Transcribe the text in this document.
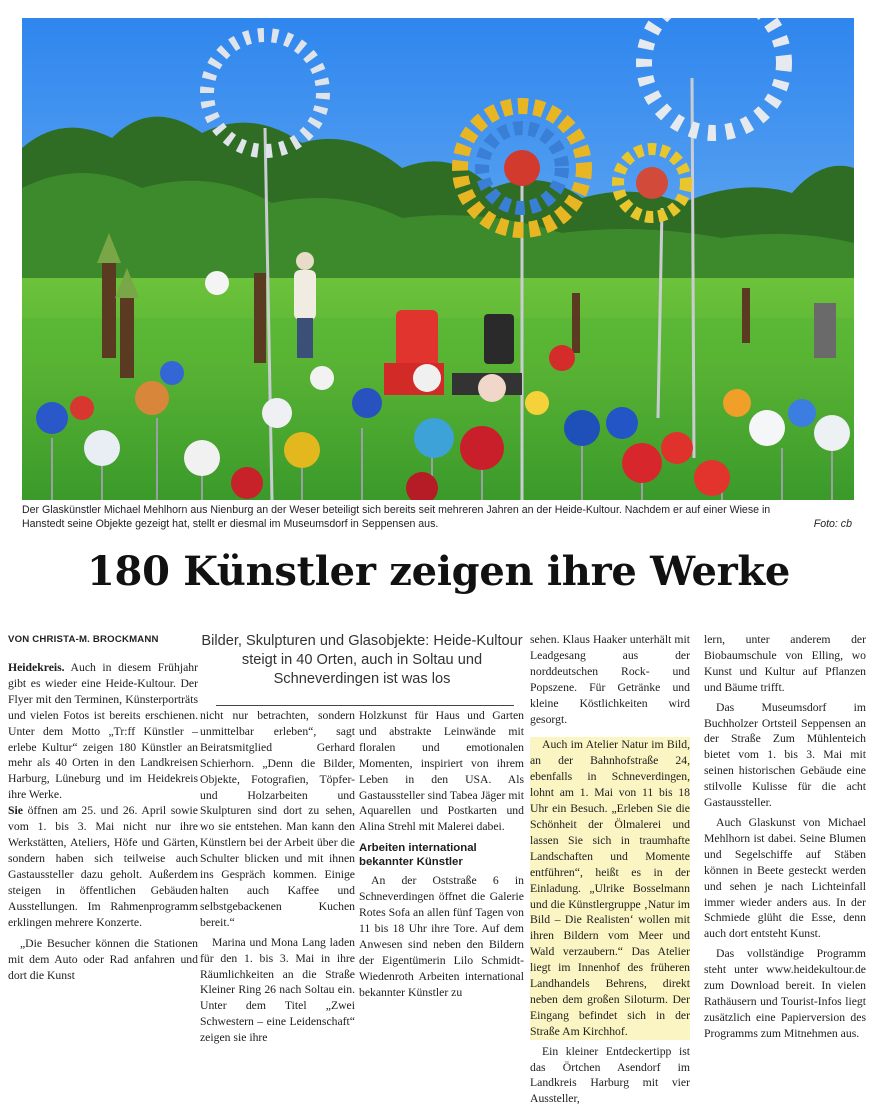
Der Glaskünstler Michael Mehlhorn aus Nienburg an der Weser beteiligt sich bereits seit mehreren Jahren an der Heide-Kultour. Nachdem er auf einer Wiese in Hanstedt seine Objekte gezeigt hat, stellt er diesmal im Museumsdorf in Seppensen aus.	Foto: cb
180 Künstler zeigen ihre Werke
VON CHRISTA-M. BROCKMANN	Bilder, Skulpturen und Glasobjekte: Heide-Kultour steigt in 40 Orten, auch in Soltau und Schneverdingen ist was los

Heidekreis. Auch in diesem Frühjahr gibt es wieder eine Heide-Kultour. Der Flyer mit den Terminen, Künsterporträts und vielen Fotos ist bereits erschienen. Unter dem Motto „Tr:ff Künstler – erlebe Kultur“ zeigen 180 Künstler an mehr als 40 Orten in den Landkreisen Harburg, Lüneburg und im Heidekreis ihre Werke.

Sie öffnen am 25. und 26. April sowie vom 1. bis 3. Mai nicht nur ihre Werkstätten, Ateliers, Höfe und Gärten, sondern haben sich teilweise auch Gastaussteller dazu geholt. Außerdem steigen in öffentlichen Gebäuden Ausstellungen. Im Rahmenprogramm erklingen mehrere Konzerte.

„Die Besucher können die Stationen mit dem Auto oder Rad anfahren und dort die Kunst

nicht nur betrachten, sondern unmittelbar erleben“, sagt Beiratsmitglied Gerhard Schierhorn. „Denn die Bilder, Objekte, Fotografien, Töpfer- und Holzarbeiten und Skulpturen sind dort zu sehen, wo sie entstehen. Man kann den Künstlern bei der Arbeit über die Schulter blicken und mit ihnen ins Gespräch kommen. Einige halten auch Kaffee und selbstgebackenen Kuchen bereit.“

Marina und Mona Lang laden für den 1. bis 3. Mai in ihre Räumlichkeiten an die Straße Kleiner Ring 26 nach Soltau ein. Unter dem Titel „Zwei Schwestern – eine Leidenschaft“ zeigen sie ihre

Holzkunst für Haus und Garten und abstrakte Leinwände mit floralen und emotionalen Momenten, inspiriert von ihrem Leben in den USA. Als Gastaussteller sind Tabea Jäger mit Aquarellen und Postkarten und Alina Strehl mit Malerei dabei.

Arbeiten international bekannter Künstler

An der Oststraße 6 in Schneverdingen öffnet die Galerie Rotes Sofa an allen fünf Tagen von 11 bis 18 Uhr ihre Tore. Auf dem Anwesen sind neben den Bildern der Eigentümerin Lilo Schmidt-Wiedenroth Arbeiten international bekannter Künstler zu

sehen. Klaus Haaker unterhält mit Leadgesang aus der norddeutschen Rock- und Popszene. Für Getränke und kleine Köstlichkeiten wird gesorgt.

Auch im Atelier Natur im Bild, an der Bahnhofstraße 24, ebenfalls in Schneverdingen, lohnt am 1. Mai von 11 bis 18 Uhr ein Besuch. „Erleben Sie die Schönheit der Ölmalerei und lassen Sie sich in traumhafte Landschaften und Momente entführen“, heißt es in der Einladung. „Ulrike Bosselmann und die Künstlergruppe ‚Natur im Bild – Die Realisten‘ wollen mit ihren Bildern vom Meer und Wald verzaubern.“ Das Atelier liegt im Innenhof des früheren Landhandels Behrens, direkt neben dem großen Siloturm. Der Eingang befindet sich in der Straße Am Kirchhof.

Ein kleiner Entdeckertipp ist das Örtchen Asendorf im Landkreis Harburg mit vier Aussteller,

lern, unter anderem der Biobaumschule von Elling, wo Kunst und Kultur auf Pflanzen und Bäume trifft.

Das Museumsdorf im Buchholzer Ortsteil Seppensen an der Straße Zum Mühlenteich bietet vom 1. bis 3. Mai mit seinen historischen Gebäude eine stilvolle Kulisse für die acht Gastaussteller.

Auch Glaskunst von Michael Mehlhorn ist dabei. Seine Blumen und Segelschiffe auf Stäben können in Beete gesteckt werden und sehen je nach Lichteinfall immer wieder anders aus. In der Schmiede glüht die Esse, denn auch dort entsteht Kunst.

Das vollständige Programm steht unter www.heidekultour.de zum Download bereit. In vielen Rathäusern und Tourist-Infos liegt zusätzlich eine Papierversion des Programms zum Mitnehmen aus.
